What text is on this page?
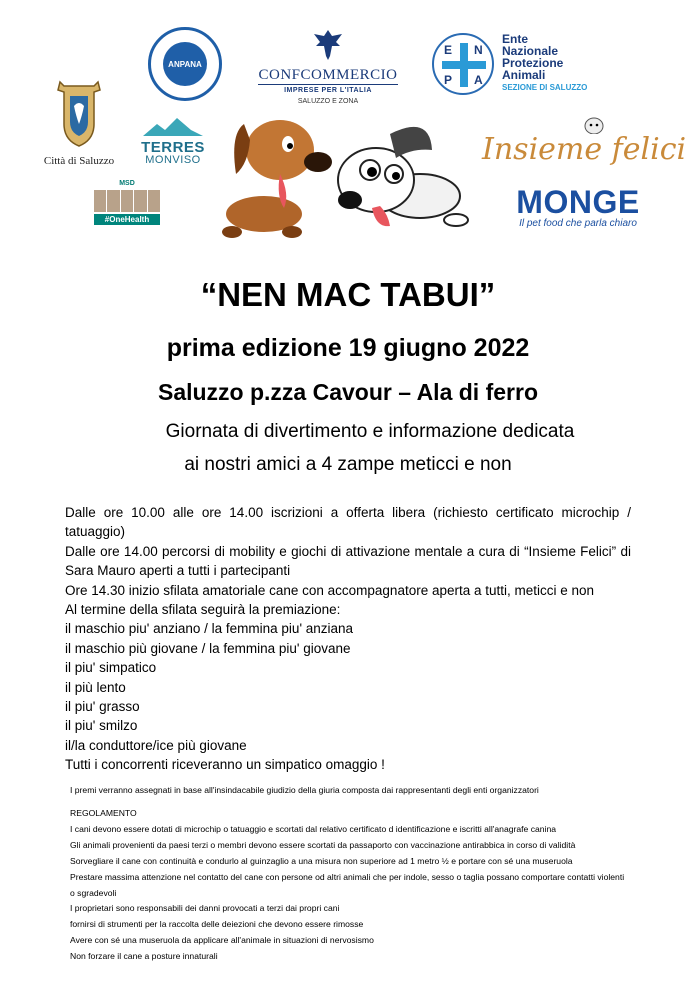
ANPANA
CONFCOMMERCIO
IMPRESE PER L'ITALIA
SALUZZO E ZONA
E N
P A
Ente
Nazionale
Protezione
Animali
SEZIONE DI SALUZZO
Città di Saluzzo
TERRES
MONVISO
MSD
#OneHealth
Insieme felici
MONGE
Il pet food che parla chiaro
“NEN MAC TABUI”
prima edizione 19 giugno 2022
Saluzzo p.zza Cavour – Ala di ferro
Giornata di divertimento e informazione dedicata
ai nostri amici a 4 zampe meticci e non

Dalle ore 10.00 alle ore 14.00 iscrizioni a offerta libera (richiesto certificato microchip / tatuaggio)

Dalle ore 14.00 percorsi di mobility e giochi di attivazione mentale a cura di “Insieme Felici” di Sara Mauro aperti a tutti i partecipanti

Ore 14.30 inizio sfilata amatoriale cane con accompagnatore aperta a tutti, meticci e non

Al termine della sfilata seguirà la premiazione:

il maschio piu' anziano / la femmina piu' anziana

il maschio più giovane / la femmina piu' giovane

il piu' simpatico

il più lento

il piu' grasso

il piu' smilzo

il/la conduttore/ice più giovane

Tutti i concorrenti riceveranno un simpatico omaggio !

I premi verranno assegnati in base all'insindacabile giudizio della giuria composta dai rappresentanti degli enti organizzatori

REGOLAMENTO

I cani devono essere dotati di microchip o tatuaggio e scortati dal relativo certificato d identificazione e iscritti all'anagrafe canina

Gli animali provenienti da paesi terzi o membri devono essere scortati da passaporto con vaccinazione antirabbica in corso di validità

Sorvegliare il cane con continuità e condurlo al guinzaglio a una misura non superiore ad 1 metro ½ e portare con sé una museruola

Prestare massima attenzione nel contatto del cane con persone od altri animali che per indole, sesso o taglia possano comportare contatti violenti o sgradevoli

I proprietari sono responsabili dei danni provocati a terzi dai propri cani

fornirsi di strumenti per la raccolta delle deiezioni che devono essere rimosse

Avere con sé una museruola da applicare all'animale in situazioni di nervosismo

Non forzare il cane a posture innaturali
